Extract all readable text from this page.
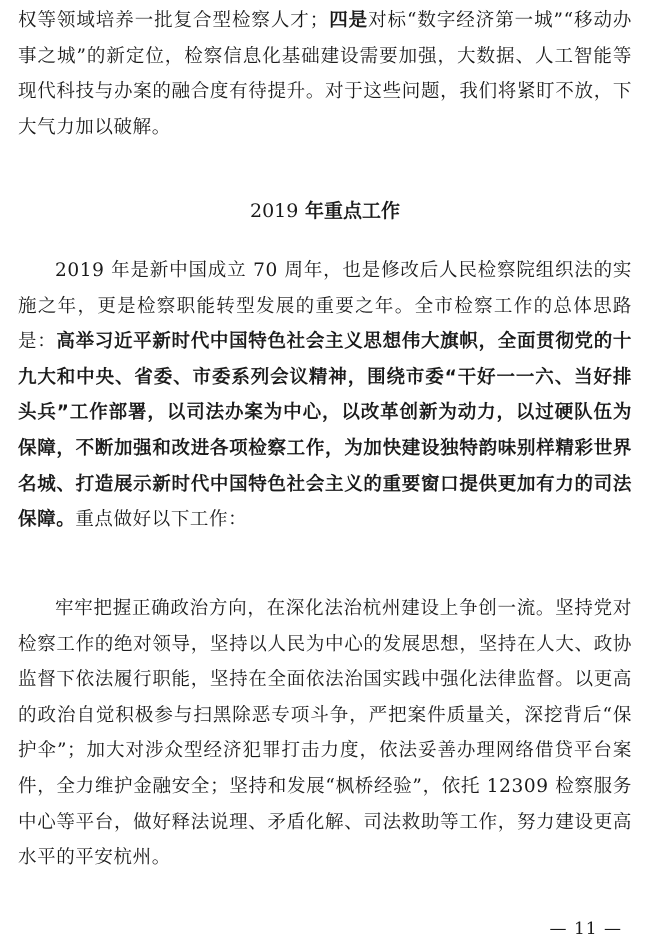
权等领域培养一批复合型检察人才；四是对标“数字经济第一城”“移动办事之城”的新定位，检察信息化基础建设需要加强，大数据、人工智能等现代科技与办案的融合度有待提升。对于这些问题，我们将紧盯不放，下大气力加以破解。

2019 年重点工作

2019 年是新中国成立 70 周年，也是修改后人民检察院组织法的实施之年，更是检察职能转型发展的重要之年。全市检察工作的总体思路是：高举习近平新时代中国特色社会主义思想伟大旗帜，全面贯彻党的十九大和中央、省委、市委系列会议精神，围绕市委“干好一一六、当好排头兵”工作部署，以司法办案为中心，以改革创新为动力，以过硬队伍为保障，不断加强和改进各项检察工作，为加快建设独特韵味别样精彩世界名城、打造展示新时代中国特色社会主义的重要窗口提供更加有力的司法保障。重点做好以下工作：

牢牢把握正确政治方向，在深化法治杭州建设上争创一流。坚持党对检察工作的绝对领导，坚持以人民为中心的发展思想，坚持在人大、政协监督下依法履行职能，坚持在全面依法治国实践中强化法律监督。以更高的政治自觉积极参与扫黑除恶专项斗争，严把案件质量关，深挖背后“保护伞”；加大对涉众型经济犯罪打击力度，依法妥善办理网络借贷平台案件，全力维护金融安全；坚持和发展“枫桥经验”，依托 12309 检察服务中心等平台，做好释法说理、矛盾化解、司法救助等工作，努力建设更高水平的平安杭州。

— 11 —
